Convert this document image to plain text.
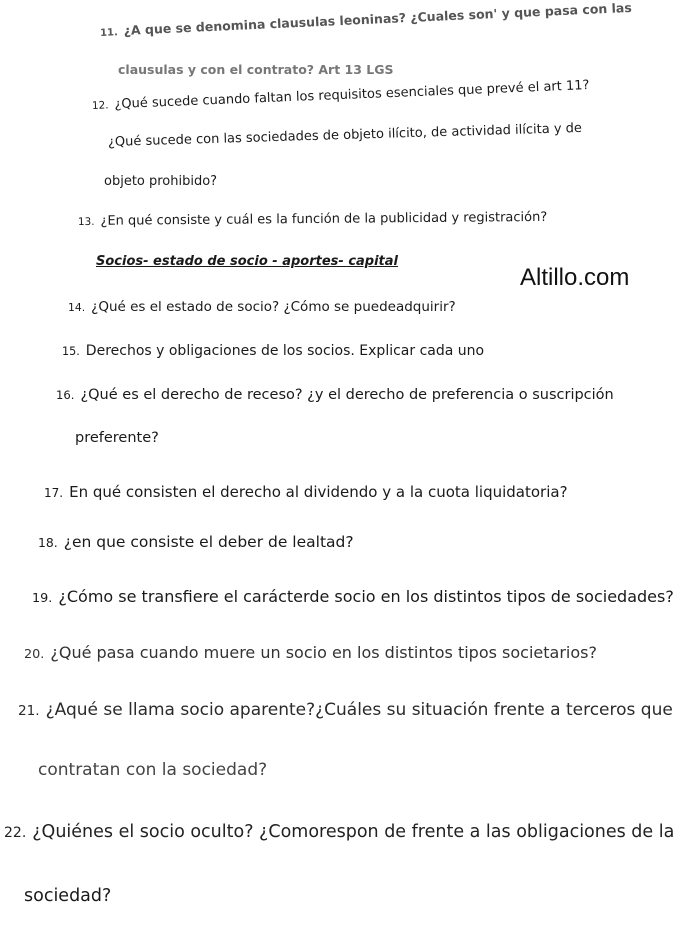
11. ¿A que se denomina clausulas leoninas? ¿Cuales son' y que pasa con las
clausulas y con el contrato? Art 13 LGS
12. ¿Qué sucede cuando faltan los requisitos esenciales que prevé el art 11?
¿Qué sucede con las sociedades de objeto ilícito, de actividad ilícita y de
objeto prohibido?
13. ¿En qué consiste y cuál es la función de la publicidad y registración?
Socios- estado de socio - aportes- capital
Altillo.com
14. ¿Qué es el estado de socio? ¿Cómo se puedeadquirir?
15. Derechos y obligaciones de los socios. Explicar cada uno
16. ¿Qué es el derecho de receso? ¿y el derecho de preferencia o suscripción
preferente?
17. En qué consisten el derecho al dividendo y a la cuota liquidatoria?
18. ¿en que consiste el deber de lealtad?
19. ¿Cómo se transfiere el carácterde socio en los distintos tipos de sociedades?
20. ¿Qué pasa cuando muere un socio en los distintos tipos societarios?
21. ¿Aqué se llama socio aparente?¿Cuáles su situación frente a terceros que
contratan con la sociedad?
22. ¿Quiénes el socio oculto? ¿Comorespon de frente a las obligaciones de la
sociedad?
